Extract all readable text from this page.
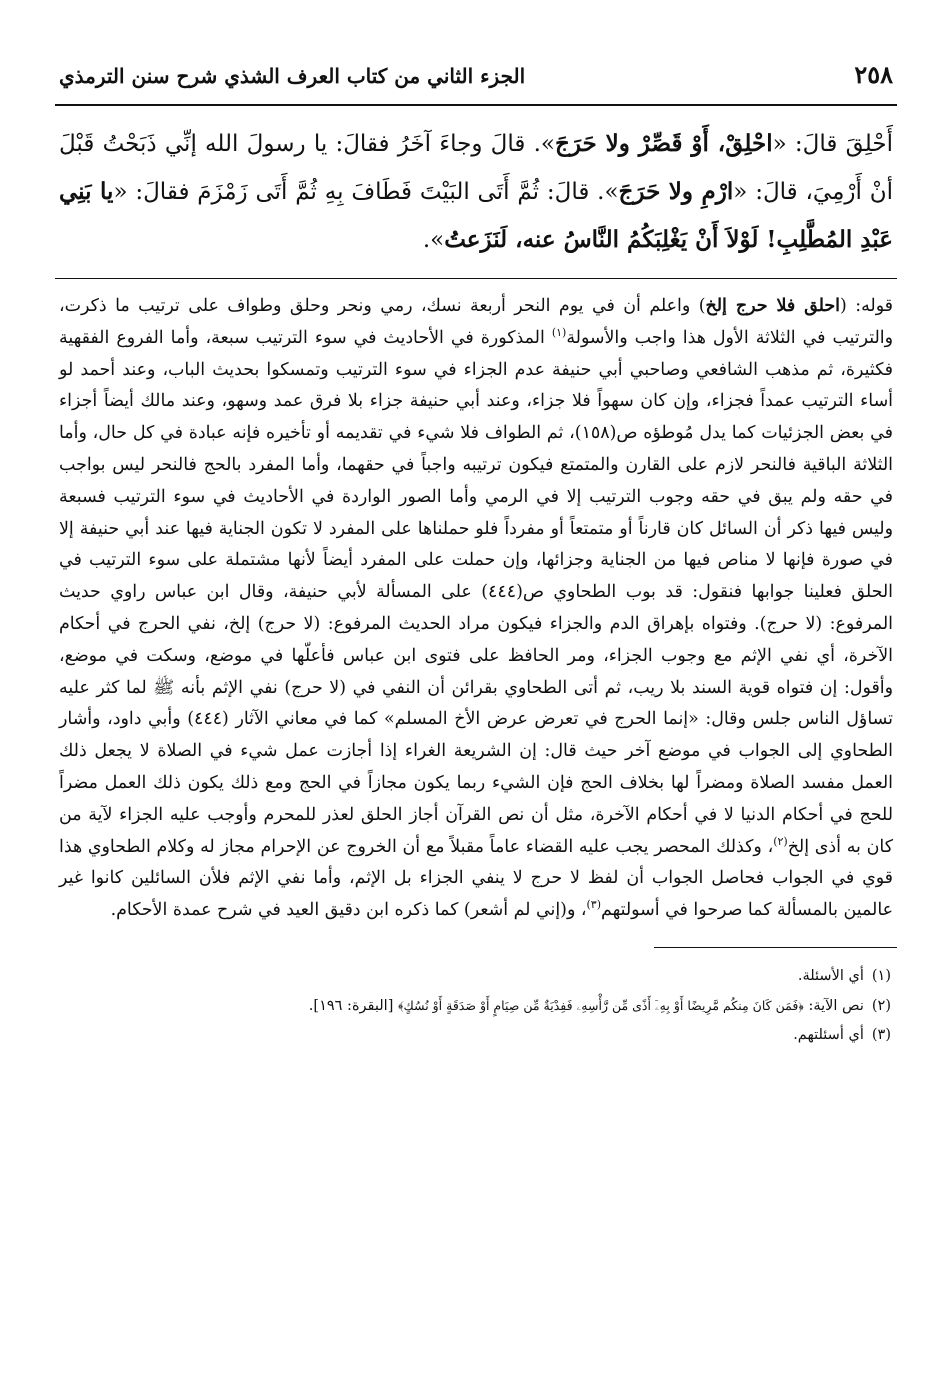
٢٥٨
الجزء الثاني من كتاب العرف الشذي شرح سنن الترمذي

أَحْلِقَ قالَ: «احْلِقْ، أَوْ قَصِّرْ ولا حَرَجَ». قالَ وجاءَ آخَرُ فقالَ: يا رسولَ الله إنِّي ذَبَحْتُ قَبْلَ أنْ أَرْمِيَ، قالَ: «ارْمِ ولا حَرَجَ». قالَ: ثُمَّ أَتَى البَيْتَ فَطَافَ بِهِ ثُمَّ أَتَى زَمْزَمَ فقالَ: «يا بَنِي عَبْدِ المُطَّلِبِ! لَوْلاَ أَنْ يَغْلِبَكُمُ النَّاسُ عنه، لَنَزَعتُ».

قوله: (احلق فلا حرج إلخ) واعلم أن في يوم النحر أربعة نسك، رمي ونحر وحلق وطواف على ترتيب ما ذكرت، والترتيب في الثلاثة الأول هذا واجب والأسولة$^{(١)}$ المذكورة في الأحاديث في سوء الترتيب سبعة، وأما الفروع الفقهية فكثيرة، ثم مذهب الشافعي وصاحبي أبي حنيفة عدم الجزاء في سوء الترتيب وتمسكوا بحديث الباب، وعند أحمد لو أساء الترتيب عمداً فجزاء، وإن كان سهواً فلا جزاء، وعند أبي حنيفة جزاء بلا فرق عمد وسهو، وعند مالك أيضاً أجزاء في بعض الجزئيات كما يدل مُوطؤه ص(١٥٨)، ثم الطواف فلا شيء في تقديمه أو تأخيره فإنه عبادة في كل حال، وأما الثلاثة الباقية فالنحر لازم على القارن والمتمتع فيكون ترتيبه واجباً في حقهما، وأما المفرد بالحج فالنحر ليس بواجب في حقه ولم يبق في حقه وجوب الترتيب إلا في الرمي وأما الصور الواردة في الأحاديث في سوء الترتيب فسبعة وليس فيها ذكر أن السائل كان قارناً أو متمتعاً أو مفرداً فلو حملناها على المفرد لا تكون الجناية فيها عند أبي حنيفة إلا في صورة فإنها لا مناص فيها من الجناية وجزائها، وإن حملت على المفرد أيضاً لأنها مشتملة على سوء الترتيب في الحلق فعلينا جوابها فنقول: قد بوب الطحاوي ص(٤٤٤) على المسألة لأبي حنيفة، وقال ابن عباس راوي حديث المرفوع: (لا حرج). وفتواه بإهراق الدم والجزاء فيكون مراد الحديث المرفوع: (لا حرج) إلخ، نفي الحرج في أحكام الآخرة، أي نفي الإثم مع وجوب الجزاء، ومر الحافظ على فتوى ابن عباس فأعلّها في موضع، وسكت في موضع، وأقول: إن فتواه قوية السند بلا ريب، ثم أتى الطحاوي بقرائن أن النفي في (لا حرج) نفي الإثم بأنه ﷺ لما كثر عليه تساؤل الناس جلس وقال: «إنما الحرج في تعرض عرض الأخ المسلم» كما في معاني الآثار (٤٤٤) وأبي داود، وأشار الطحاوي إلى الجواب في موضع آخر حيث قال: إن الشريعة الغراء إذا أجازت عمل شيء في الصلاة لا يجعل ذلك العمل مفسد الصلاة ومضراً لها بخلاف الحج فإن الشيء ربما يكون مجازاً في الحج ومع ذلك يكون ذلك العمل مضراً للحج في أحكام الدنيا لا في أحكام الآخرة، مثل أن نص القرآن أجاز الحلق لعذر للمحرم وأوجب عليه الجزاء لآية من كان به أذى إلخ$^{(٢)}$، وكذلك المحصر يجب عليه القضاء عاماً مقبلاً مع أن الخروج عن الإحرام مجاز له وكلام الطحاوي هذا قوي في الجواب فحاصل الجواب أن لفظ لا حرج لا ينفي الجزاء بل الإثم، وأما نفي الإثم فلأن السائلين كانوا غير عالمين بالمسألة كما صرحوا في أسولتهم$^{(٣)}$، و(إني لم أشعر) كما ذكره ابن دقيق العيد في شرح عمدة الأحكام.

(١)أي الأسئلة.
(٢)نص الآية: ﴿فَمَن كَانَ مِنكُم مَّرِيضًا أَوْ بِهِۦٓ أَذًى مِّن رَّأْسِهِۦ فَفِدْيَةٌ مِّن صِيَامٍ أَوْ صَدَقَةٍ أَوْ نُسُكٍ﴾ [البقرة: ١٩٦].
(٣)أي أسئلتهم.
